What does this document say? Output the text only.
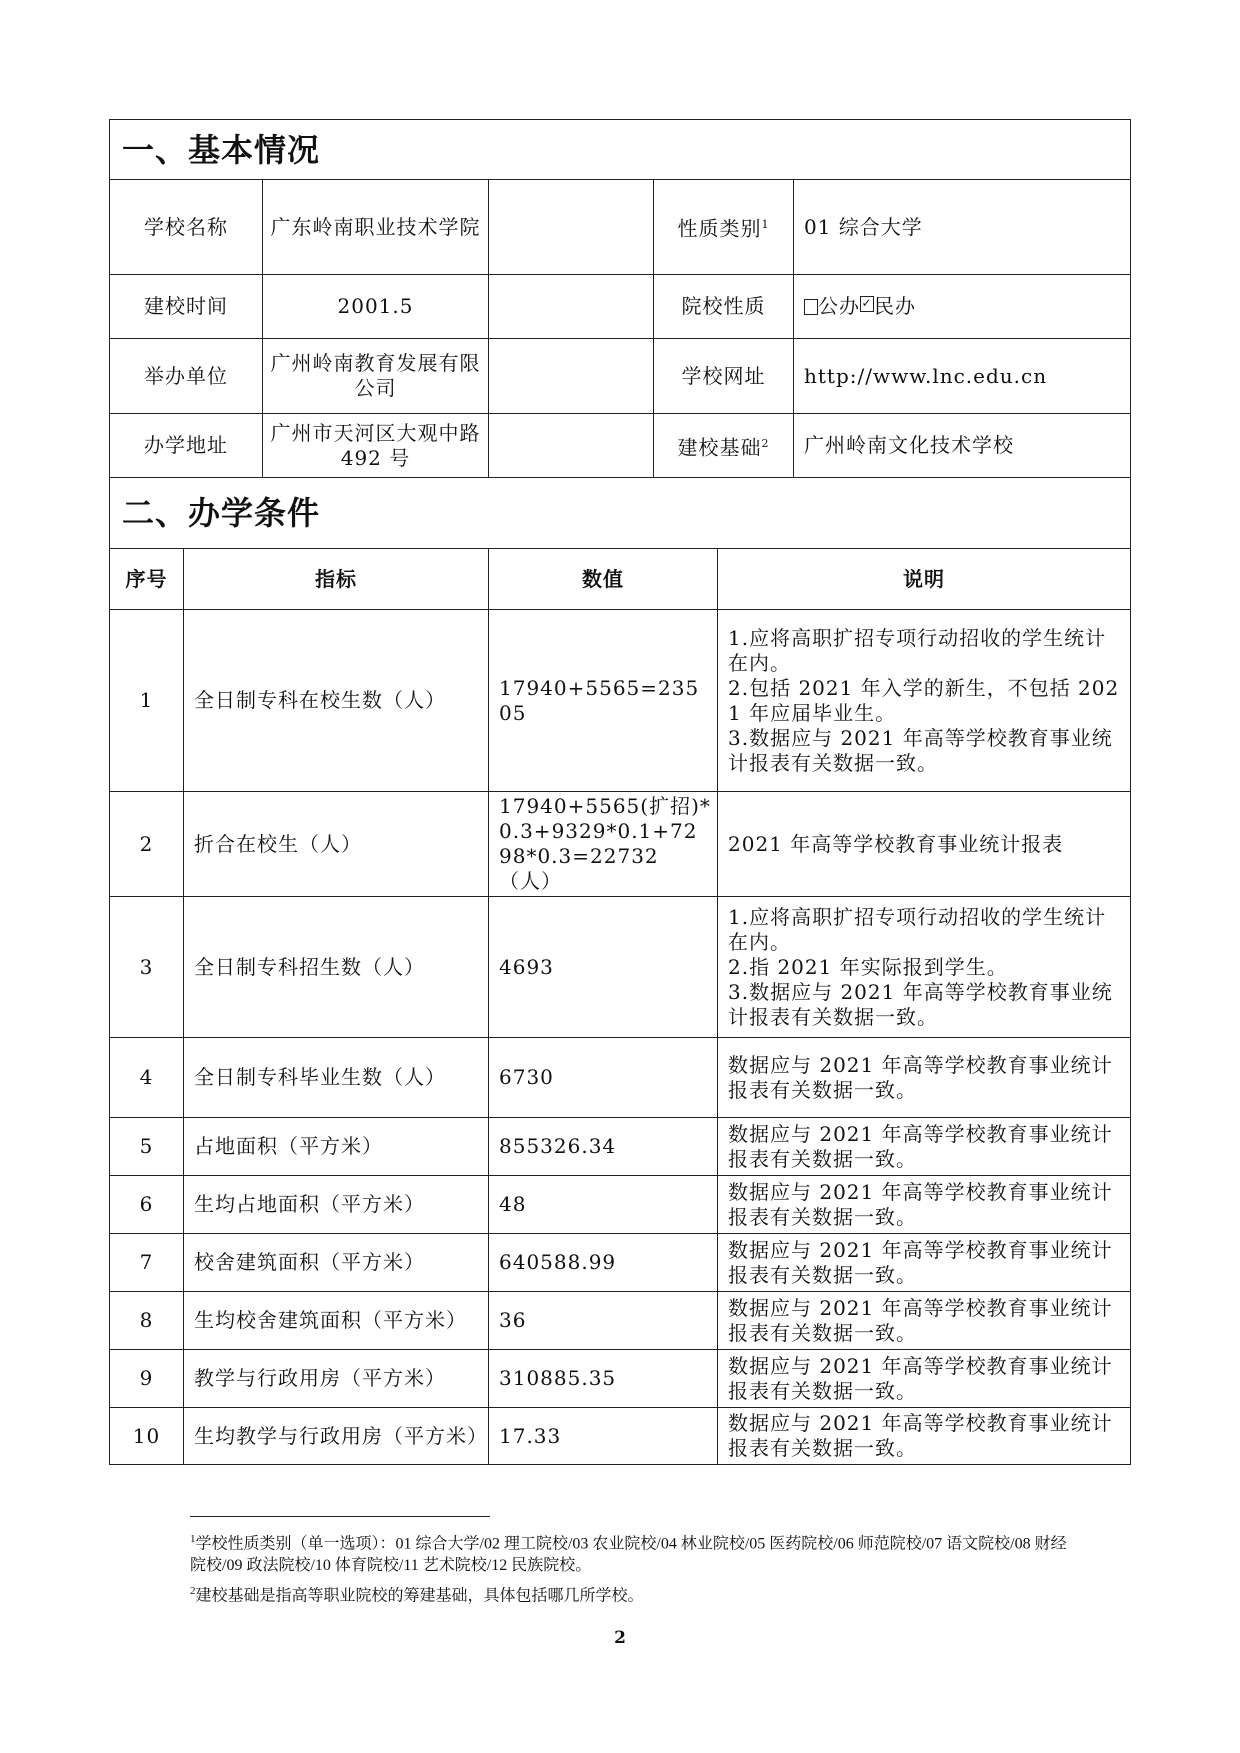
一、基本情况				
学校名称	广东岭南职业技术学院		性质类别$^1$	01 综合大学
建校时间	2001.5		院校性质	公办✓民办
举办单位	广州岭南教育发展有限公司		学校网址	http://www.lnc.edu.cn
办学地址	广州市天河区大观中路 492 号		建校基础$^2$	广州岭南文化技术学校
二、办学条件			
序号	指标	数值	说明
1	全日制专科在校生数（人）	17940+5565=23505	1.应将高职扩招专项行动招收的学生统计在内。
2.包括 2021 年入学的新生，不包括 2021 年应届毕业生。
3.数据应与 2021 年高等学校教育事业统计报表有关数据一致。
2	折合在校生（人）	17940+5565(扩招)*0.3+9329*0.1+7298*0.3=22732（人）	2021 年高等学校教育事业统计报表
3	全日制专科招生数（人）	4693	1.应将高职扩招专项行动招收的学生统计在内。
2.指 2021 年实际报到学生。
3.数据应与 2021 年高等学校教育事业统计报表有关数据一致。
4	全日制专科毕业生数（人）	6730	数据应与 2021 年高等学校教育事业统计报表有关数据一致。
5	占地面积（平方米）	855326.34	数据应与 2021 年高等学校教育事业统计报表有关数据一致。
6	生均占地面积（平方米）	48	数据应与 2021 年高等学校教育事业统计报表有关数据一致。
7	校舍建筑面积（平方米）	640588.99	数据应与 2021 年高等学校教育事业统计报表有关数据一致。
8	生均校舍建筑面积（平方米）	36	数据应与 2021 年高等学校教育事业统计报表有关数据一致。
9	教学与行政用房（平方米）	310885.35	数据应与 2021 年高等学校教育事业统计报表有关数据一致。
10	生均教学与行政用房（平方米）	17.33	数据应与 2021 年高等学校教育事业统计报表有关数据一致。
$^1$学校性质类别（单一选项）：01 综合大学/02 理工院校/03 农业院校/04 林业院校/05 医药院校/06 师范院校/07 语文院校/08 财经院校/09 政法院校/10 体育院校/11 艺术院校/12 民族院校。
$^2$建校基础是指高等职业院校的筹建基础，具体包括哪几所学校。
2
